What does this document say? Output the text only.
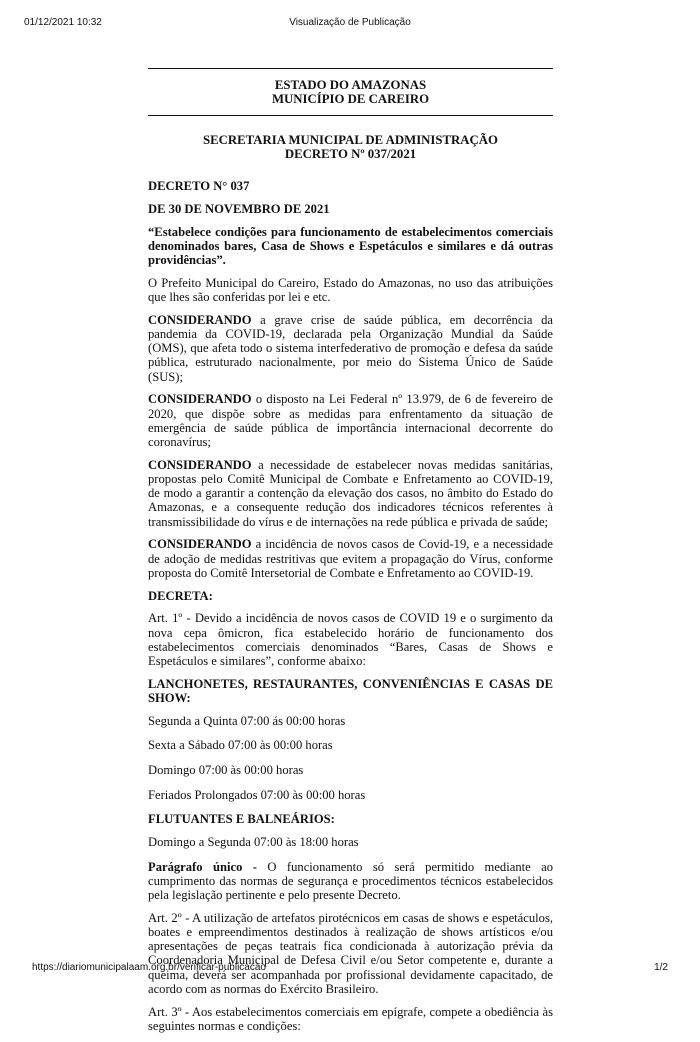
01/12/2021 10:32	Visualização de Publicação
ESTADO DO AMAZONAS
MUNICÍPIO DE CAREIRO
SECRETARIA MUNICIPAL DE ADMINISTRAÇÃO
DECRETO Nº 037/2021

DECRETO N° 037

DE 30 DE NOVEMBRO DE 2021

“Estabelece condições para funcionamento de estabelecimentos comerciais denominados bares, Casa de Shows e Espetáculos e similares e dá outras providências”.

O Prefeito Municipal do Careiro, Estado do Amazonas, no uso das atribuições que lhes são conferidas por lei e etc.

CONSIDERANDO a grave crise de saúde pública, em decorrência da pandemia da COVID-19, declarada pela Organização Mundial da Saúde (OMS), que afeta todo o sistema interfederativo de promoção e defesa da saúde pública, estruturado nacionalmente, por meio do Sistema Único de Saúde (SUS);

CONSIDERANDO o disposto na Lei Federal nº 13.979, de 6 de fevereiro de 2020, que dispõe sobre as medidas para enfrentamento da situação de emergência de saúde pública de importância internacional decorrente do coronavírus;

CONSIDERANDO a necessidade de estabelecer novas medidas sanitárias, propostas pelo Comitê Municipal de Combate e Enfretamento ao COVID-19, de modo a garantir a contenção da elevação dos casos, no âmbito do Estado do Amazonas, e a consequente redução dos indicadores técnicos referentes à transmissibilidade do vírus e de internações na rede pública e privada de saúde;

CONSIDERANDO a incidência de novos casos de Covid-19, e a necessidade de adoção de medidas restritivas que evitem a propagação do Vírus, conforme proposta do Comitê Intersetorial de Combate e Enfretamento ao COVID-19.

DECRETA:

Art. 1º - Devido a incidência de novos casos de COVID 19 e o surgimento da nova cepa ômicron, fica estabelecido horário de funcionamento dos estabelecimentos comerciais denominados “Bares, Casas de Shows e Espetáculos e similares”, conforme abaixo:

LANCHONETES, RESTAURANTES, CONVENIÊNCIAS E CASAS DE SHOW:

Segunda a Quinta 07:00 ás 00:00 horas

Sexta a Sábado 07:00 às 00:00 horas

Domingo 07:00 às 00:00 horas

Feriados Prolongados 07:00 às 00:00 horas

FLUTUANTES E BALNEÁRIOS:

Domingo a Segunda 07:00 às 18:00 horas

Parágrafo único - O funcionamento só será permitido mediante ao cumprimento das normas de segurança e procedimentos técnicos estabelecidos pela legislação pertinente e pelo presente Decreto.

Art. 2º - A utilização de artefatos pirotécnicos em casas de shows e espetáculos, boates e empreendimentos destinados à realização de shows artísticos e/ou apresentações de peças teatrais fica condicionada à autorização prévia da Coordenadoria Municipal de Defesa Civil e/ou Setor competente e, durante a queima, deverá ser acompanhada por profissional devidamente capacitado, de acordo com as normas do Exército Brasileiro.

Art. 3º - Aos estabelecimentos comerciais em epígrafe, compete a obediência às seguintes normas e condições:

https://diariomunicipalaam.org.br/verificar-publicacao	1/2
